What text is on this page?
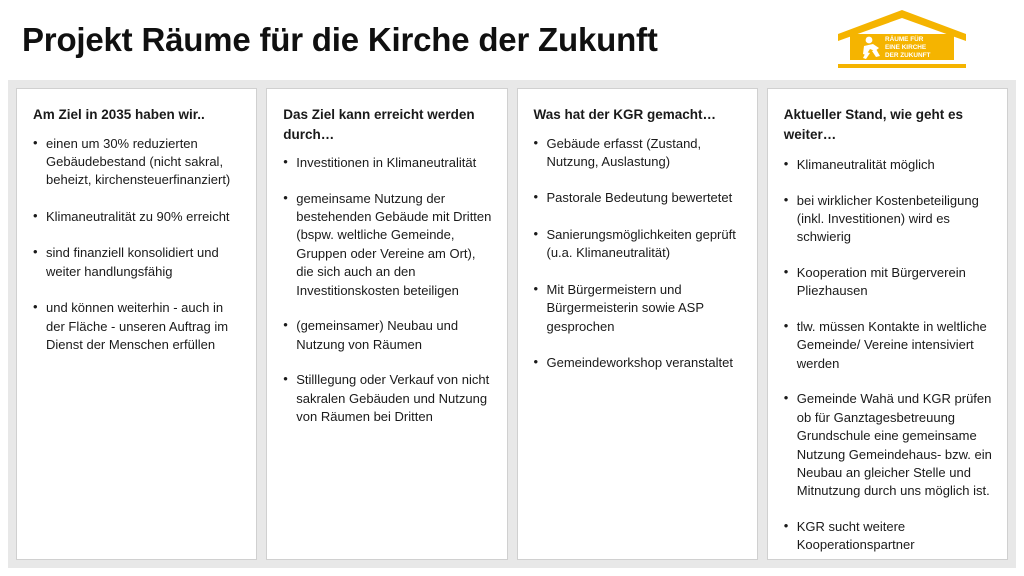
Projekt Räume für die Kirche der Zukunft	RÄUME FÜR
EINE KIRCHE
DER ZUKUNFT
Am Ziel in 2035 haben wir..
• einen um 30% reduzierten Gebäudebestand (nicht sakral, beheizt, kirchensteuerfinanziert)
• Klimaneutralität zu 90% erreicht
• sind finanziell konsolidiert und weiter handlungsfähig
• und können weiterhin - auch in der Fläche - unseren Auftrag im Dienst der Menschen erfüllen
Das Ziel kann erreicht werden durch…
• Investitionen in Klimaneutralität
• gemeinsame Nutzung der bestehenden Gebäude mit Dritten (bspw. weltliche Gemeinde, Gruppen oder Vereine am Ort), die sich auch an den Investitionskosten beteiligen
• (gemeinsamer) Neubau und Nutzung von Räumen
• Stilllegung oder Verkauf von nicht sakralen Gebäuden und Nutzung von Räumen bei Dritten
Was hat der KGR gemacht…
• Gebäude erfasst (Zustand, Nutzung, Auslastung)
• Pastorale Bedeutung bewertetet
• Sanierungsmöglichkeiten geprüft (u.a. Klimaneutralität)
• Mit Bürgermeistern und Bürgermeisterin sowie ASP gesprochen
• Gemeindeworkshop veranstaltet
Aktueller Stand, wie geht es weiter…
• Klimaneutralität möglich
• bei wirklicher Kostenbeteiligung (inkl. Investitionen) wird es schwierig
• Kooperation mit Bürgerverein Pliezhausen
• tlw. müssen Kontakte in weltliche Gemeinde/ Vereine intensiviert werden
• Gemeinde Wahä und KGR prüfen ob für Ganztagesbetreuung Grundschule eine gemeinsame Nutzung Gemeindehaus- bzw. ein Neubau an gleicher Stelle und Mitnutzung durch uns möglich ist.
• KGR sucht weitere Kooperationspartner
